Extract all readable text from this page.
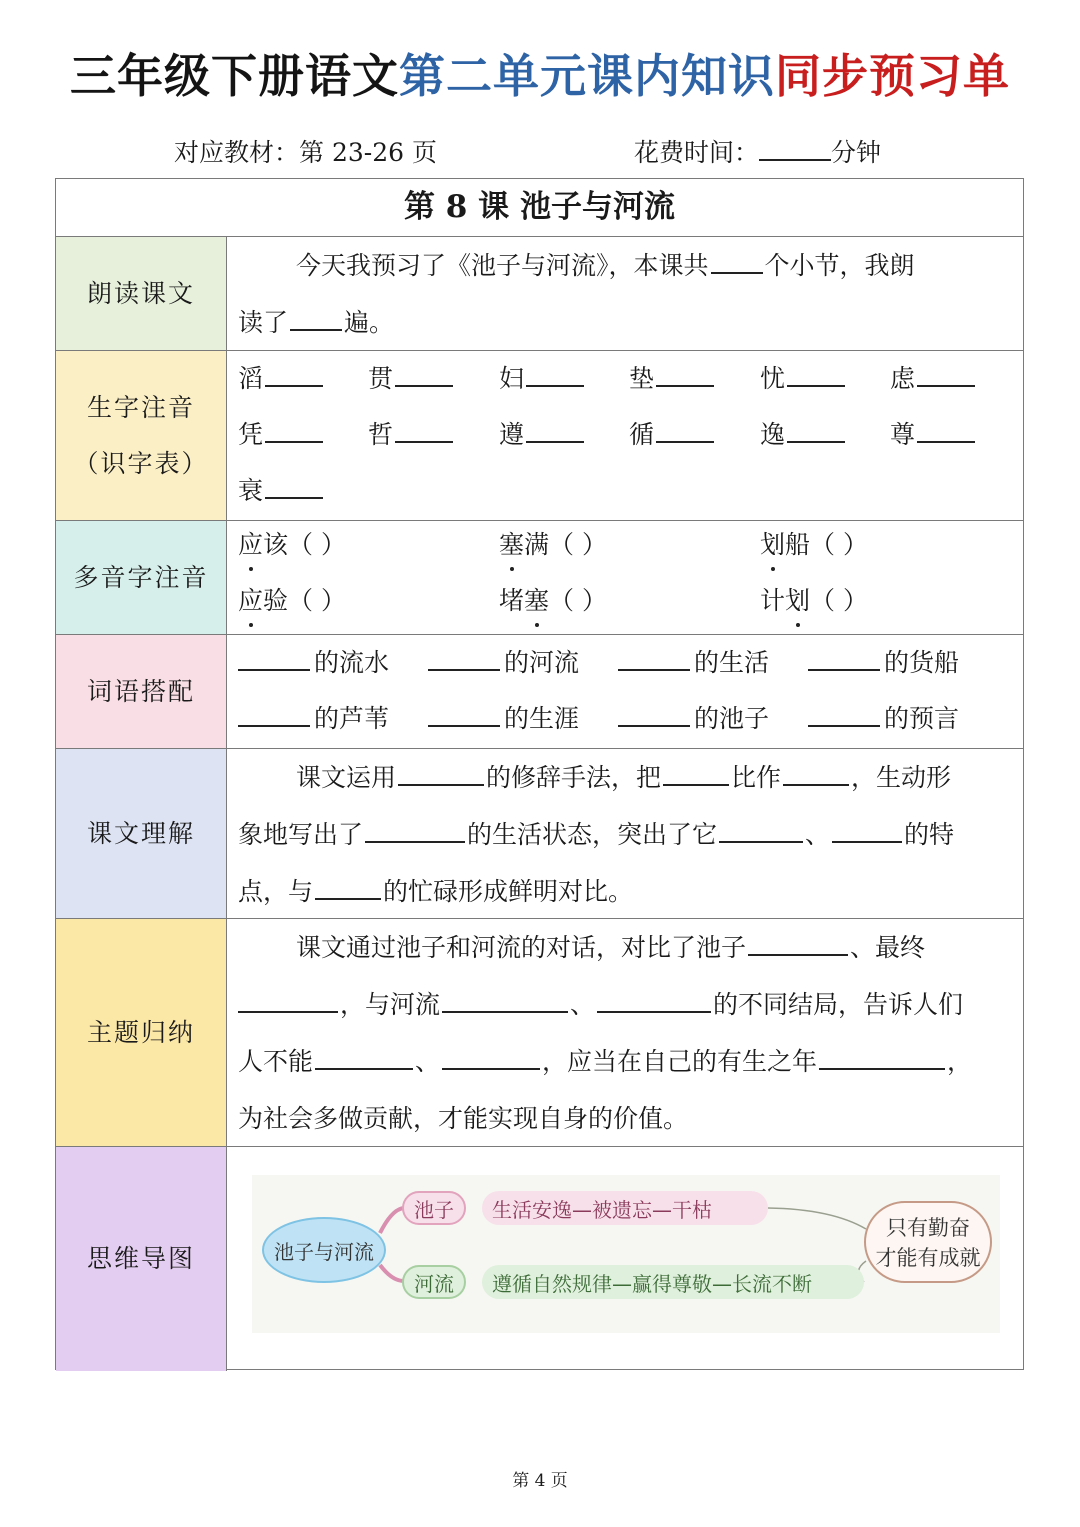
三年级下册语文第二单元课内知识同步预习单
对应教材：第 23-26 页	花费时间：	分钟
第 8 课 池子与河流
朗读课文
今天我预习了《池子与河流》，本课共 个小节，我朗
读了 遍。
生字注音
（识字表）
滔	贯	妇	垫	忧	虑
凭	哲	遵	循	逸	尊
衰
多音字注音
应该（ ）	塞满（ ）	划船（ ）
应验（ ）	堵塞（ ）	计划（ ）
词语搭配
的流水	的河流	的生活	的货船
的芦苇	的生涯	的池子	的预言
课文理解
课文运用	的修辞手法，把	比作	，生动形
象地写出了	的生活状态，突出了它	、	的特
点，与	的忙碌形成鲜明对比。
主题归纳
课文通过池子和河流的对话，对比了池子	、最终
，与河流	、	的不同结局，告诉人们
人不能	、	，应当在自己的有生之年	，
为社会多做贡献，才能实现自身的价值。
思维导图	池子与河流
池子	生活安逸—被遗忘—干枯
河流	遵循自然规律—赢得尊敬—长流不断
只有勤奋
才能有成就
第 4 页
